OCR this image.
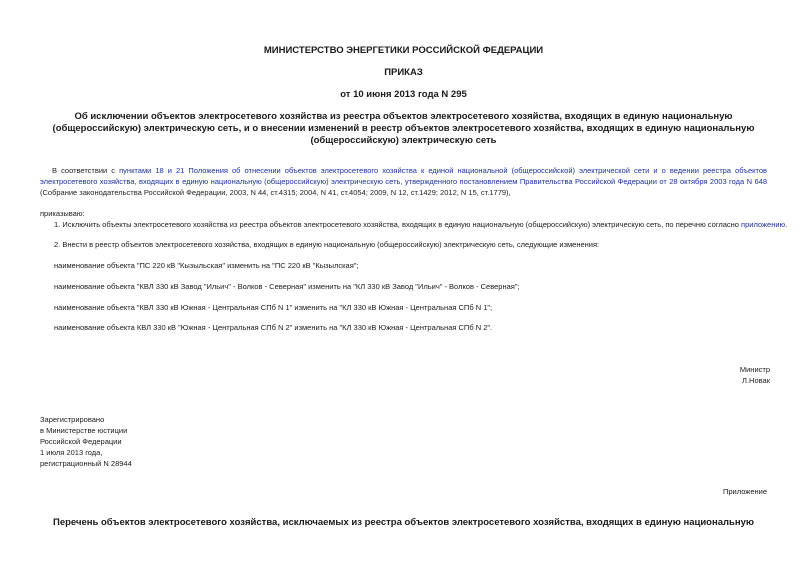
МИНИСТЕРСТВО ЭНЕРГЕТИКИ РОССИЙСКОЙ ФЕДЕРАЦИИ
ПРИКАЗ
от 10 июня 2013 года N 295
Об исключении объектов электросетевого хозяйства из реестра объектов электросетевого хозяйства, входящих в единую национальную (общероссийскую) электрическую сеть, и о внесении изменений в реестр объектов электросетевого хозяйства, входящих в единую национальную (общероссийскую) электрическую сеть
В соответствии с пунктами 18 и 21 Положения об отнесении объектов электросетевого хозяйства к единой национальной (общероссийской) электрической сети и о ведении реестра объектов электросетевого хозяйства, входящих в единую национальную (общероссийскую) электрическую сеть, утвержденного постановлением Правительства Российской Федерации от 28 октября 2003 года N 648 (Собрание законодательства Российской Федерации, 2003, N 44, ст.4315; 2004, N 41, ст.4054; 2009, N 12, ст.1429; 2012, N 15, ст.1779),
приказываю:
1. Исключить объекты электросетевого хозяйства из реестра объектов электросетевого хозяйства, входящих в единую национальную (общероссийскую) электрическую сеть, по перечню согласно приложению.
2. Внести в реестр объектов электросетевого хозяйства, входящих в единую национальную (общероссийскую) электрическую сеть, следующие изменения:
наименование объекта "ПС 220 кВ "Кызыльская" изменить на "ПС 220 кВ "Кызылская";
наименование объекта "КВЛ 330 кВ Завод "Ильич" - Волков - Северная" изменить на "КЛ 330 кВ Завод "Ильич" - Волков - Северная";
наименование объекта "КВЛ 330 кВ Южная - Центральная СПб N 1" изменить на "КЛ 330 кВ Южная - Центральная СПб N 1";
наименование объекта КВЛ 330 кВ "Южная - Центральная СПб N 2" изменить на "КЛ 330 кВ Южная - Центральная СПб N 2".
Министр
Л.Новак
Зарегистрировано
в Министерстве юстиции
Российской Федерации
1 июля 2013 года,
регистрационный N 28944
Приложение
Перечень объектов электросетевого хозяйства, исключаемых из реестра объектов электросетевого хозяйства, входящих в единую национальную
